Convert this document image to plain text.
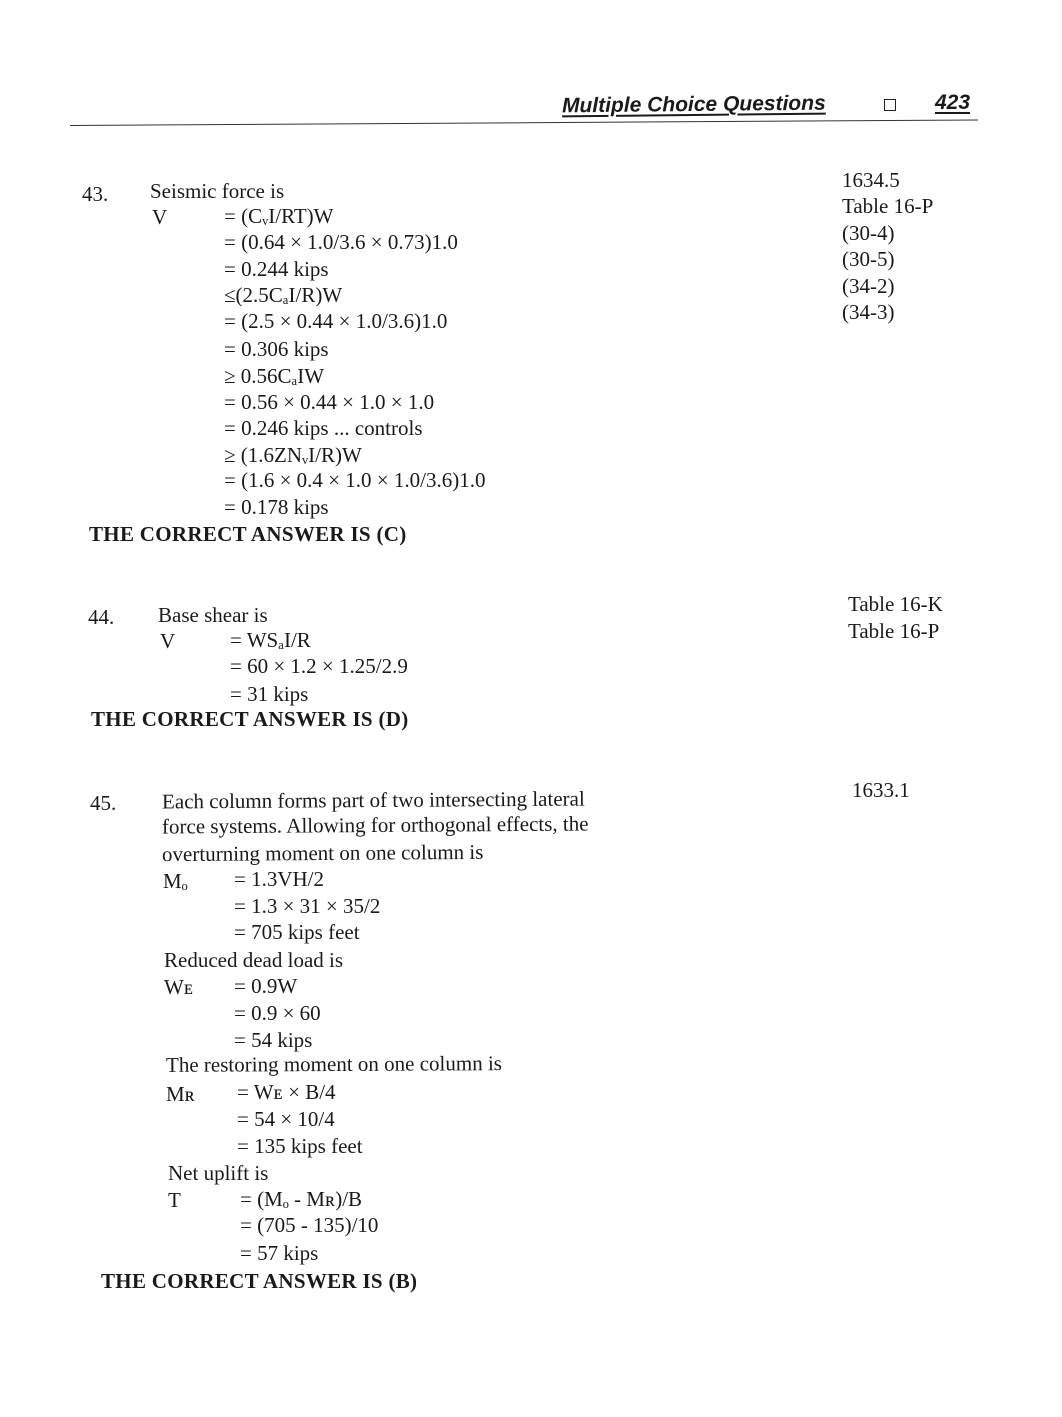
Multiple Choice Questions	423
43. Seismic force is
V	= (CᵥI/RT)W
= (0.64 × 1.0/3.6 × 0.73)1.0
= 0.244 kips
≤(2.5CₐI/R)W
= (2.5 × 0.44 × 1.0/3.6)1.0
= 0.306 kips
≥ 0.56CₐIW
= 0.56 × 0.44 × 1.0 × 1.0
= 0.246 kips ... controls
≥ (1.6ZNᵥI/R)W
= (1.6 × 0.4 × 1.0 × 1.0/3.6)1.0
= 0.178 kips
THE CORRECT ANSWER IS (C)
1634.5
Table 16-P
(30-4)
(30-5)
(34-2)
(34-3)
44. Base shear is
V	= WSₐI/R
= 60 × 1.2 × 1.25/2.9
= 31 kips
THE CORRECT ANSWER IS (D)
Table 16-K
Table 16-P
45. Each column forms part of two intersecting lateral
force systems. Allowing for orthogonal effects, the
overturning moment on one column is
Mₒ = 1.3VH/2
= 1.3 × 31 × 35/2
= 705 kips feet
Reduced dead load is
Wᴇ = 0.9W
= 0.9 × 60
= 54 kips
The restoring moment on one column is
Mʀ = Wᴇ × B/4
= 54 × 10/4
= 135 kips feet
Net uplift is
T	= (Mₒ - Mʀ)/B
= (705 - 135)/10
= 57 kips
THE CORRECT ANSWER IS (B)
1633.1
